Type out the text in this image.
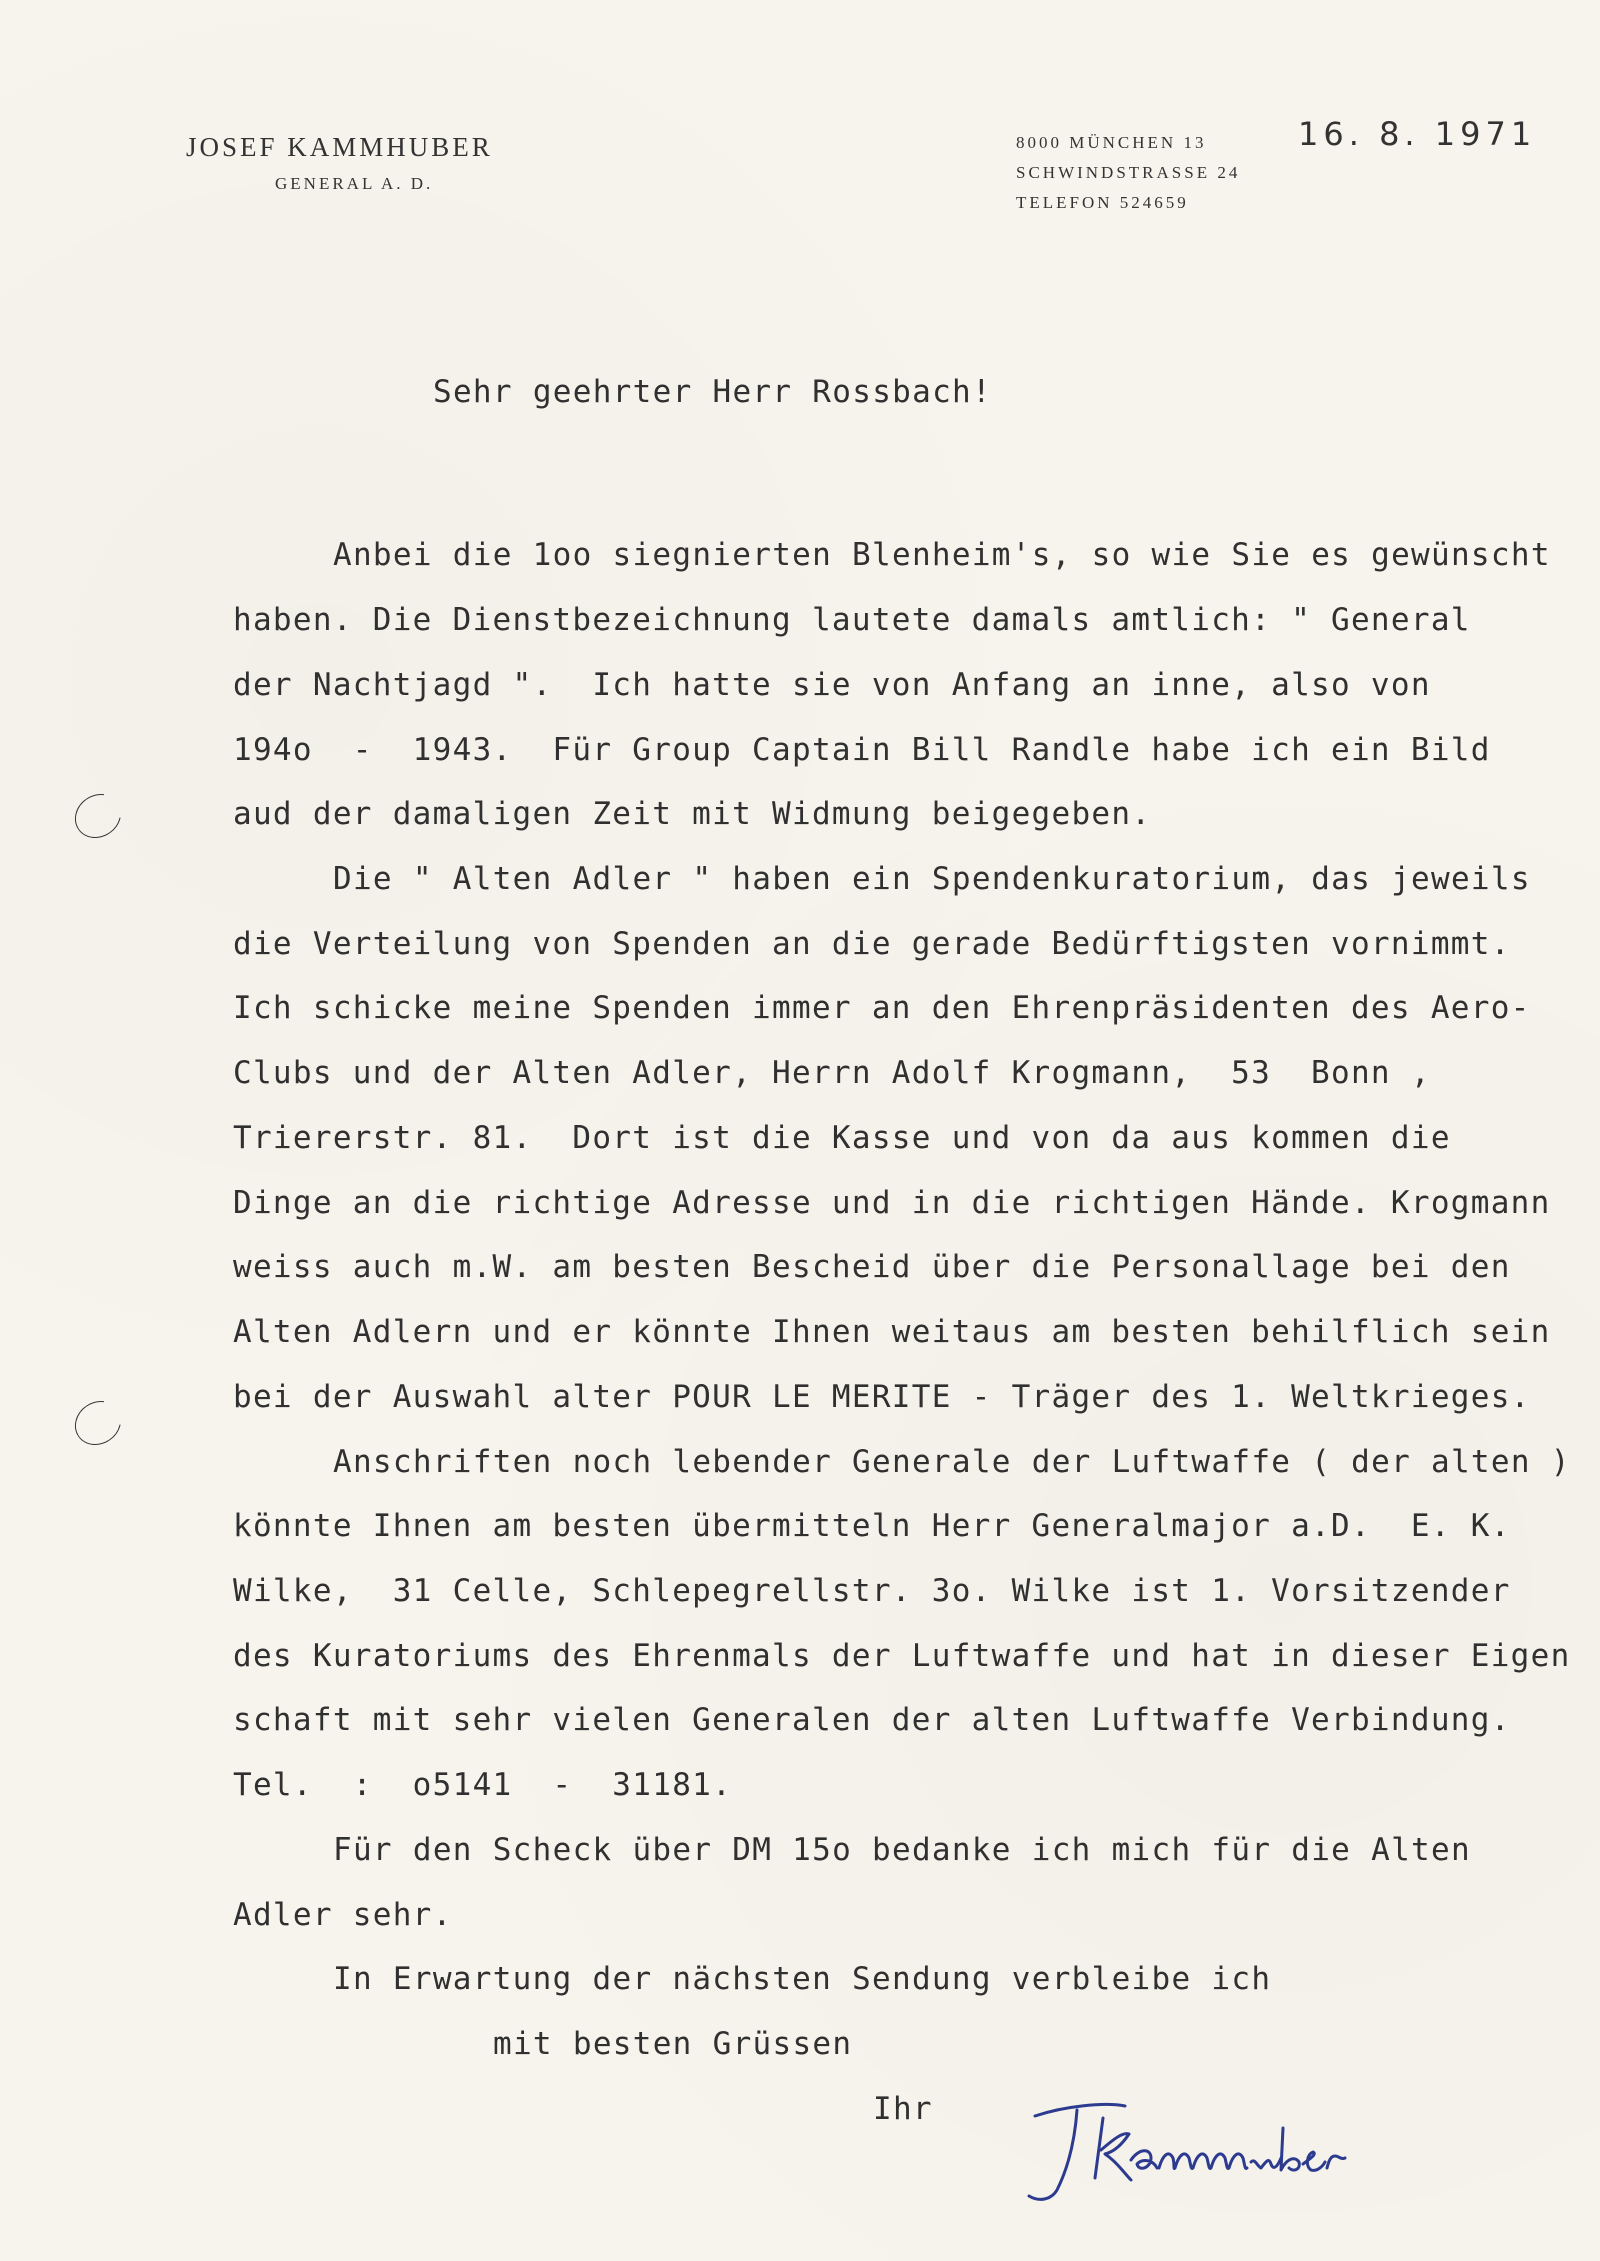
JOSEF KAMMHUBER
GENERAL A. D.
8000 MÜNCHEN 13
SCHWINDSTRASSE 24
TELEFON 524659
16. 8. 1971
Sehr geehrter Herr Rossbach!
Anbei die 1oo siegnierten Blenheim's, so wie Sie es gewünscht
haben. Die Dienstbezeichnung lautete damals amtlich: " General
der Nachtjagd ".  Ich hatte sie von Anfang an inne, also von
194o  -  1943.  Für Group Captain Bill Randle habe ich ein Bild
aud der damaligen Zeit mit Widmung beigegeben.
Die " Alten Adler " haben ein Spendenkuratorium, das jeweils
die Verteilung von Spenden an die gerade Bedürftigsten vornimmt.
Ich schicke meine Spenden immer an den Ehrenpräsidenten des Aero-
Clubs und der Alten Adler, Herrn Adolf Krogmann,  53  Bonn ,
Triererstr. 81.  Dort ist die Kasse und von da aus kommen die
Dinge an die richtige Adresse und in die richtigen Hände. Krogmann
weiss auch m.W. am besten Bescheid über die Personallage bei den
Alten Adlern und er könnte Ihnen weitaus am besten behilflich sein
bei der Auswahl alter POUR LE MERITE - Träger des 1. Weltkrieges.
Anschriften noch lebender Generale der Luftwaffe ( der alten )
könnte Ihnen am besten übermitteln Herr Generalmajor a.D.  E. K.
Wilke,  31 Celle, Schlepegrellstr. 3o. Wilke ist 1. Vorsitzender
des Kuratoriums des Ehrenmals der Luftwaffe und hat in dieser Eigen
schaft mit sehr vielen Generalen der alten Luftwaffe Verbindung.
Tel.  :  o5141  -  31181.
Für den Scheck über DM 15o bedanke ich mich für die Alten
Adler sehr.
In Erwartung der nächsten Sendung verbleibe ich
mit besten Grüssen
Ihr
